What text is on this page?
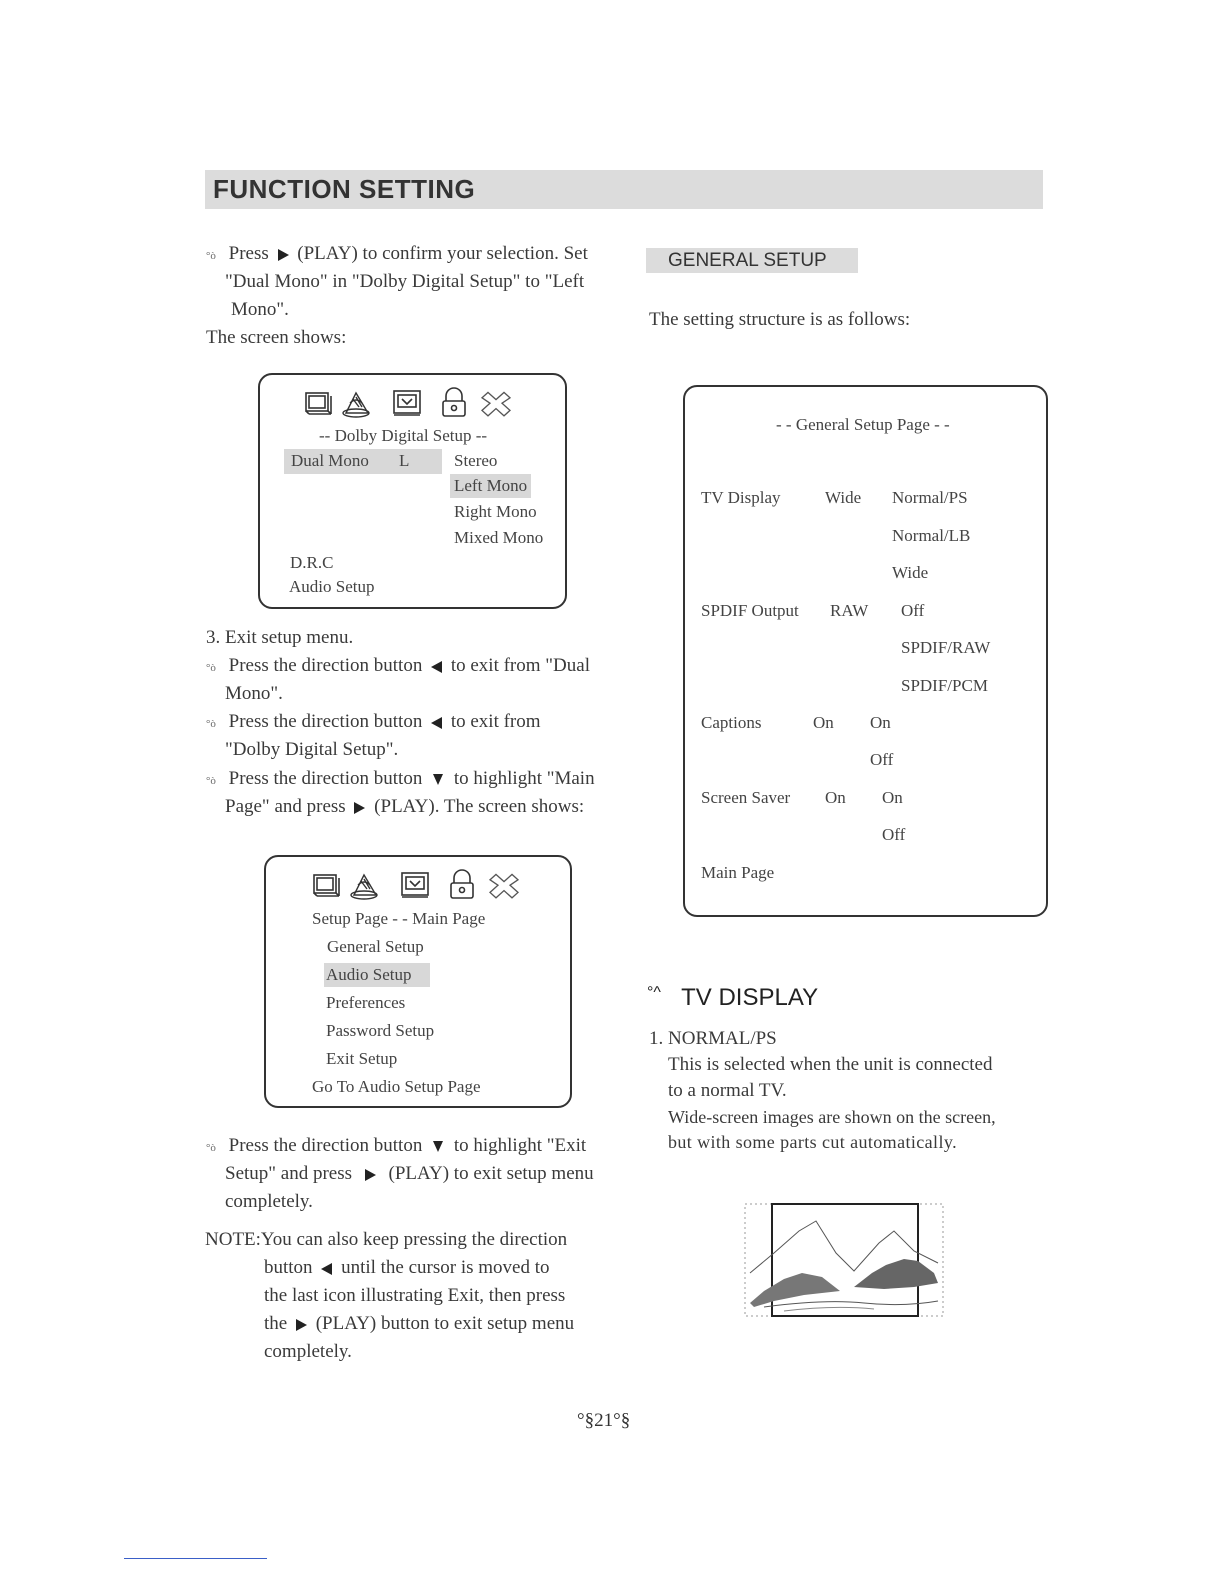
FUNCTION SETTING
°ò Press (PLAY) to confirm your selection. Set
"Dual Mono" in "Dolby Digital Setup" to "Left
Mono".
The screen shows:
-- Dolby Digital Setup --
Dual Mono L	Stereo
Left Mono
Right Mono
Mixed Mono
D.R.C
Audio Setup
3. Exit setup menu.
°ò Press the direction button to exit from "Dual
Mono".
°ò Press the direction button to exit from
"Dolby Digital Setup".
°ò Press the direction button to highlight "Main
Page" and press (PLAY). The screen shows:
Setup Page - - Main Page
General Setup
Audio Setup
Preferences
Password Setup
Exit Setup
Go To Audio Setup Page
°ò Press the direction button to highlight "Exit
Setup" and press (PLAY) to exit setup menu
completely.
NOTE:You can also keep pressing the direction
button until the cursor is moved to
the last icon illustrating Exit, then press
the (PLAY) button to exit setup menu
completely.
GENERAL SETUP
The setting structure is as follows:
- - General Setup Page - -
TV Display	Wide Normal/PS
Normal/LB
Wide
SPDIF Output RAW Off
SPDIF/RAW
SPDIF/PCM
Captions	On On
Off
Screen Saver On On
Off
Main Page
°^ TV DISPLAY
1. NORMAL/PS
This is selected when the unit is connected
to a normal TV.
Wide-screen images are shown on the screen,
but with some parts cut automatically.
°§21°§
